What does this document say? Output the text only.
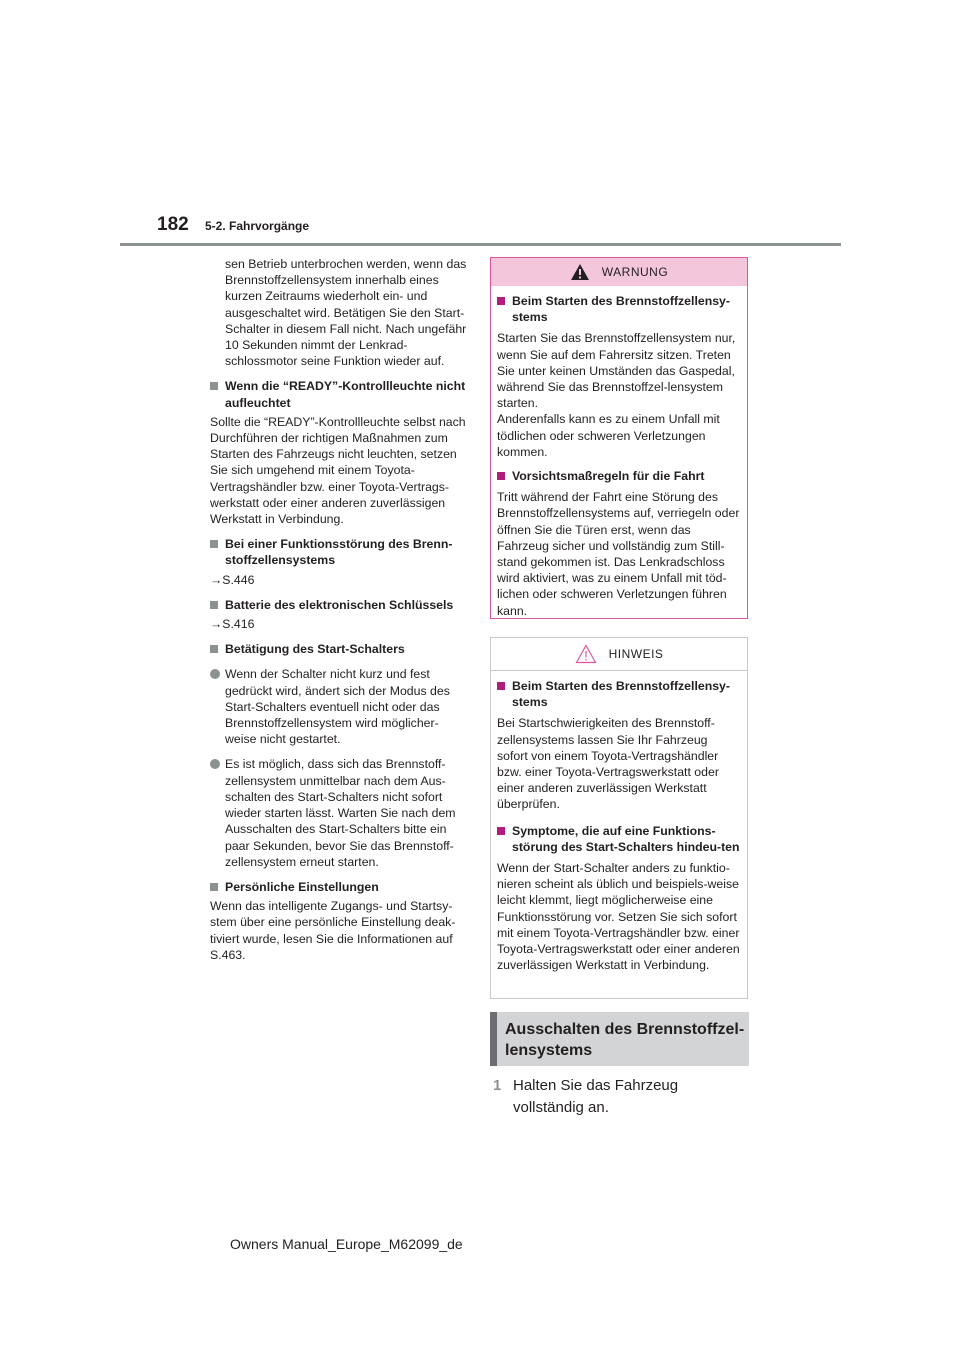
182 5-2. Fahrvorgänge

sen Betrieb unterbrochen werden, wenn das Brennstoffzellensystem innerhalb eines kurzen Zeitraums wiederholt ein- und ausgeschaltet wird. Betätigen Sie den Start-Schalter in diesem Fall nicht. Nach ungefähr 10 Sekunden nimmt der Lenkrad-schlossmotor seine Funktion wieder auf.

Wenn die “READY”-Kontrollleuchte nicht aufleuchtet

Sollte die “READY”-Kontrollleuchte selbst nach Durchführen der richtigen Maßnahmen zum Starten des Fahrzeugs nicht leuchten, setzen Sie sich umgehend mit einem Toyota-Vertragshändler bzw. einer Toyota-Vertrags-werkstatt oder einer anderen zuverlässigen Werkstatt in Verbindung.

Bei einer Funktionsstörung des Brenn-stoffzellensystems

→S.446

Batterie des elektronischen Schlüssels

→S.416

Betätigung des Start-Schalters
Wenn der Schalter nicht kurz und fest gedrückt wird, ändert sich der Modus des Start-Schalters eventuell nicht oder das Brennstoffzellensystem wird möglicher-weise nicht gestartet.
Es ist möglich, dass sich das Brennstoff-zellensystem unmittelbar nach dem Aus-schalten des Start-Schalters nicht sofort wieder starten lässt. Warten Sie nach dem Ausschalten des Start-Schalters bitte ein paar Sekunden, bevor Sie das Brennstoff-zellensystem erneut starten.
Persönliche Einstellungen

Wenn das intelligente Zugangs- und Startsy-stem über eine persönliche Einstellung deak-tiviert wurde, lesen Sie die Informationen auf S.463.

WARNUNG
Beim Starten des Brennstoffzellensy-stems

Starten Sie das Brennstoffzellensystem nur, wenn Sie auf dem Fahrersitz sitzen. Treten Sie unter keinen Umständen das Gaspedal, während Sie das Brennstoffzel-lensystem starten.
Anderenfalls kann es zu einem Unfall mit tödlichen oder schweren Verletzungen kommen.

Vorsichtsmaßregeln für die Fahrt

Tritt während der Fahrt eine Störung des Brennstoffzellensystems auf, verriegeln oder öffnen Sie die Türen erst, wenn das Fahrzeug sicher und vollständig zum Still-stand gekommen ist. Das Lenkradschloss wird aktiviert, was zu einem Unfall mit töd-lichen oder schweren Verletzungen führen kann.

HINWEIS
Beim Starten des Brennstoffzellensy-stems

Bei Startschwierigkeiten des Brennstoff-zellensystems lassen Sie Ihr Fahrzeug sofort von einem Toyota-Vertragshändler bzw. einer Toyota-Vertragswerkstatt oder einer anderen zuverlässigen Werkstatt überprüfen.

Symptome, die auf eine Funktions-störung des Start-Schalters hindeu-ten

Wenn der Start-Schalter anders zu funktio-nieren scheint als üblich und beispiels-weise leicht klemmt, liegt möglicherweise eine Funktionsstörung vor. Setzen Sie sich sofort mit einem Toyota-Vertragshändler bzw. einer Toyota-Vertragswerkstatt oder einer anderen zuverlässigen Werkstatt in Verbindung.

Ausschalten des Brennstoffzel-lensystems
1 Halten Sie das Fahrzeug vollständig an.
Owners Manual_Europe_M62099_de
